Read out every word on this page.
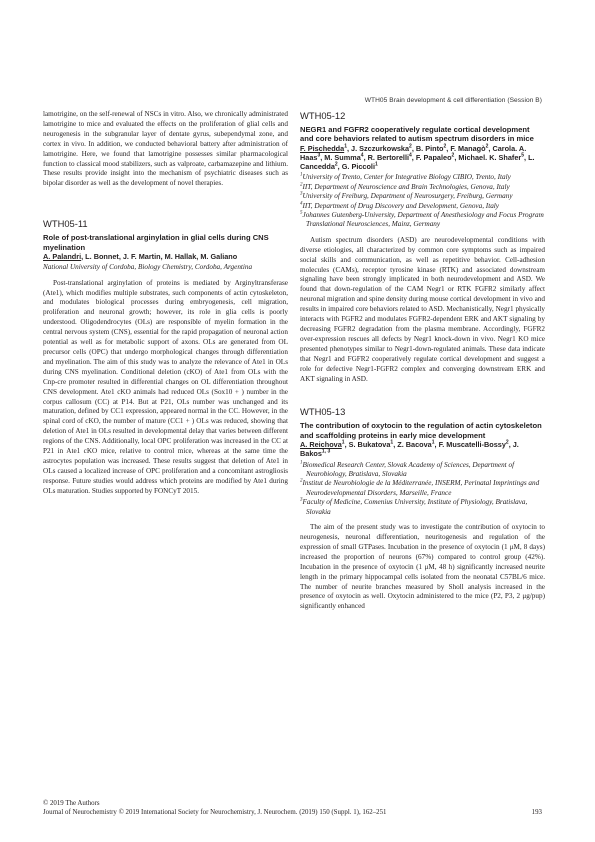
WTH05 Brain development & cell differentiation (Session B)

lamotrigine, on the self-renewal of NSCs in vitro. Also, we chronically administrated lamotrigine to mice and evaluated the effects on the proliferation of glial cells and neurogenesis in the subgranular layer of dentate gyrus, subependymal zone, and cortex in vivo. In addition, we conducted behavioral battery after administration of lamotrigine. Here, we found that lamotrigine possesses similar pharmacological function to classical mood stabilizers, such as valproate, carbamazepine and lithium. These results provide insight into the mechanism of psychiatric diseases such as bipolar disorder as well as the development of novel therapies.

WTH05-11
Role of post-translational arginylation in glial cells during CNS myelination
A. Palandri, L. Bonnet, J. F. Martin, M. Hallak, M. Galiano
National University of Cordoba, Biology Chemistry, Cordoba, Argentina

Post-translational arginylation of proteins is mediated by Arginyltransferase (Ate1), which modifies multiple substrates, such components of actin cytoskeleton, and modulates biological processes during embryogenesis, cell migration, proliferation and neuronal growth; however, its role in glia cells is poorly understood. Oligodendrocytes (OLs) are responsible of myelin formation in the central nervous system (CNS), essential for the rapid propagation of neuronal action potential as well as for metabolic support of axons. OLs are generated from OL precursor cells (OPC) that undergo morphological changes through differentiation and myelination. The aim of this study was to analyze the relevance of Ate1 in OLs during CNS myelination. Conditional deletion (cKO) of Ate1 from OLs with the Cnp-cre promoter resulted in differential changes on OL differentiation throughout CNS development. Ate1 cKO animals had reduced OLs (Sox10 + ) number in the corpus callosum (CC) at P14. But at P21, OLs number was unchanged and its maturation, defined by CC1 expression, appeared normal in the CC. However, in the spinal cord of cKO, the number of mature (CC1 + ) OLs was reduced, showing that deletion of Ate1 in OLs resulted in developmental delay that varies between different regions of the CNS. Additionally, local OPC proliferation was increased in the CC at P21 in Ate1 cKO mice, relative to control mice, whereas at the same time the astrocytes population was increased. These results suggest that deletion of Ate1 in OLs caused a localized increase of OPC proliferation and a concomitant astrogliosis response. Future studies would address which proteins are modified by Ate1 during OLs maturation. Studies supported by FONCyT 2015.

WTH05-12
NEGR1 and FGFR2 cooperatively regulate cortical development and core behaviors related to autism spectrum disorders in mice
F. Pischedda$^1$, J. Szczurkowska$^2$, B. Pinto$^2$, F. Managò$^2$, Carola. A. Haas$^3$, M. Summa$^4$, R. Bertorelli$^4$, F. Papaleo$^2$, Michael. K. Shafer$^5$, L. Cancedda$^2$, G. Piccoli$^1$
$^1$University of Trento, Center for Integrative Biology CIBIO, Trento, Italy
$^2$IIT, Department of Neuroscience and Brain Technologies, Genova, Italy
$^3$University of Freiburg, Department of Neurosurgery, Freiburg, Germany
$^4$IIT, Department of Drug Discovery and Development, Genova, Italy
$^5$Johannes Gutenberg-University, Department of Anesthesiology and Focus Program Translational Neurosciences, Mainz, Germany

Autism spectrum disorders (ASD) are neurodevelopmental conditions with diverse etiologies, all characterized by common core symptoms such as impaired social skills and communication, as well as repetitive behavior. Cell-adhesion molecules (CAMs), receptor tyrosine kinase (RTK) and associated downstream signaling have been strongly implicated in both neurodevelopment and ASD. We found that down-regulation of the CAM Negr1 or RTK FGFR2 similarly affect neuronal migration and spine density during mouse cortical development in vivo and results in impaired core behaviors related to ASD. Mechanistically, Negr1 physically interacts with FGFR2 and modulates FGFR2-dependent ERK and AKT signaling by decreasing FGFR2 degradation from the plasma membrane. Accordingly, FGFR2 over-expression rescues all defects by Negr1 knock-down in vivo. Negr1 KO mice presented phenotypes similar to Negr1-down-regulated animals. These data indicate that Negr1 and FGFR2 cooperatively regulate cortical development and suggest a role for defective Negr1-FGFR2 complex and converging downstream ERK and AKT signaling in ASD.

WTH05-13
The contribution of oxytocin to the regulation of actin cytoskeleton and scaffolding proteins in early mice development
A. Reichova$^1$, S. Bukatova$^1$, Z. Bacova$^1$, F. Muscatelli-Bossy$^2$, J. Bakos$^{1, 3}$
$^1$Biomedical Research Center, Slovak Academy of Sciences, Department of Neurobiology, Bratislava, Slovakia
$^2$Institut de Neurobiologie de la Méditerranée, INSERM, Perinatal Imprintings and Neurodevelopmental Disorders, Marseille, France
$^3$Faculty of Medicine, Comenius University, Institute of Physiology, Bratislava, Slovakia

The aim of the present study was to investigate the contribution of oxytocin to neurogenesis, neuronal differentiation, neuritogenesis and regulation of the expression of small GTPases. Incubation in the presence of oxytocin (1 μM, 8 days) increased the proportion of neurons (67%) compared to control group (42%). Incubation in the presence of oxytocin (1 μM, 48 h) significantly increased neurite length in the primary hippocampal cells isolated from the neonatal C57BL/6 mice. The number of neurite branches measured by Sholl analysis increased in the presence of oxytocin as well. Oxytocin administered to the mice (P2, P3, 2 μg/pup) significantly enhanced

© 2019 The Authors
Journal of Neurochemistry © 2019 International Society for Neurochemistry, J. Neurochem. (2019) 150 (Suppl. 1), 162–251	193
